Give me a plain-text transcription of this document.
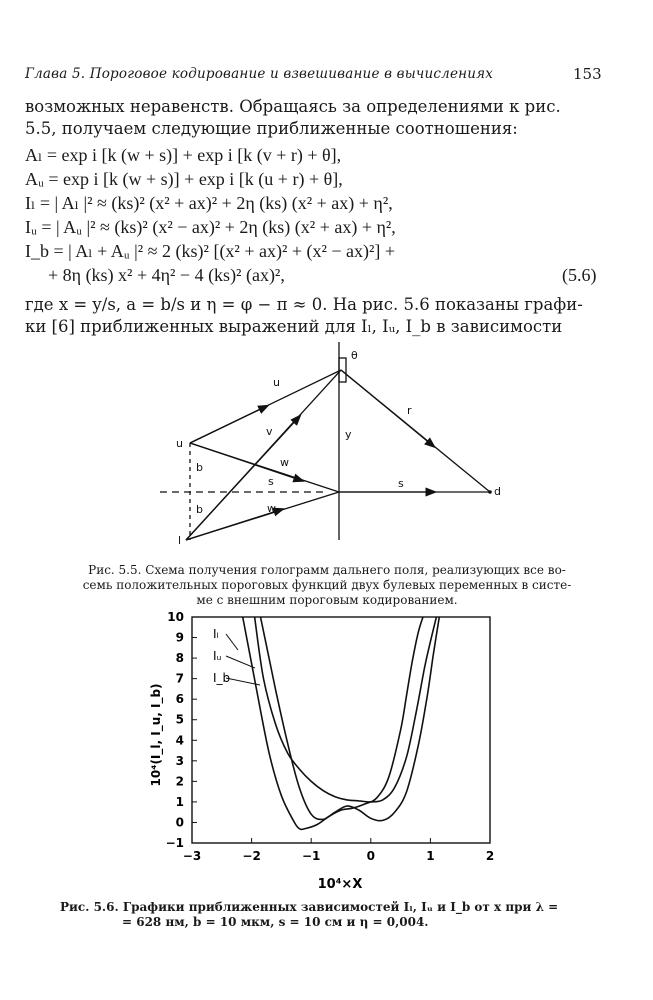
Глава 5. Пороговое кодирование и взвешивание в вычислениях	153
возможных неравенств. Обращаясь за определениями к рис.
5.5, получаем следующие приближенные соотношения:
Aₗ = exp i [k (w + s)] + exp i [k (v + r) + θ],
Aᵤ = exp i [k (w + s)] + exp i [k (u + r) + θ],
Iₗ = | Aₗ |² ≈ (ks)² (x² + ax)² + 2η (ks) (x² + ax) + η²,
Iᵤ = | Aᵤ |² ≈ (ks)² (x² − ax)² + 2η (ks) (x² + ax) + η²,
I_b = | Aₗ + Aᵤ |² ≈ 2 (ks)² [(x² + ax)² + (x² − ax)²] +
+ 8η (ks) x² + 4η² − 4 (ks)² (ax)²,	(5.6)
где x = y/s, a = b/s и η = φ − π ≈ 0. На рис. 5.6 показаны графи-
ки [6] приближенных выражений для Iₗ, Iᵤ, I_b в зависимости
θ
u
r
v	y
w
s	s
b
b	w
u
l
d
Рис. 5.5. Схема получения голограмм дальнего поля, реализующих все во-
семь положительных пороговых функций двух булевых переменных в систе-
ме с внешним пороговым кодированием.
−1
0
1
2
3
4
5
6
7
8
9
10
−3	−2	−1	0	1	2
Iₗ
Iᵤ
I_b
10⁴×X
10⁴(I_l, I_u, I_b)
Рис. 5.6. Графики приближенных зависимостей Iₗ, Iᵤ и I_b от x при λ =
= 628 нм, b = 10 мкм, s = 10 см и η = 0,004.
